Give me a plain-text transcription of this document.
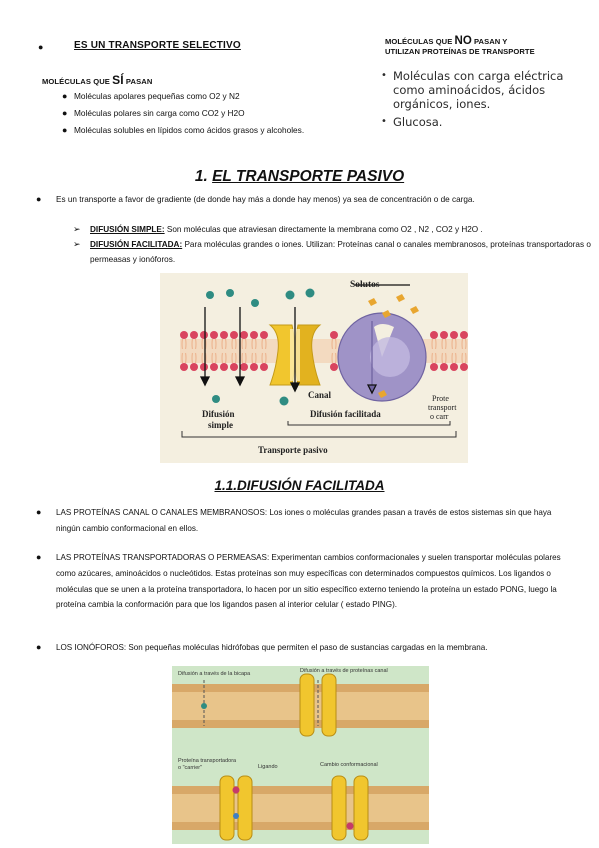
●	ES UN TRANSPORTE SELECTIVO
MOLÉCULAS QUE SÍ PASAN
● Moléculas apolares pequeñas como O2 y N2
● Moléculas polares sin carga como CO2 y H2O
● Moléculas solubles en lípidos como ácidos grasos y alcoholes.
MOLÉCULAS QUE NO PASAN Y
UTILIZAN PROTEÍNAS DE TRANSPORTE
• Moléculas con carga eléctrica como aminoácidos, ácidos orgánicos, iones.
• Glucosa.
1. EL TRANSPORTE PASIVO
● Es un transporte a favor de gradiente (de donde hay más a donde hay menos) ya sea de concentración o de carga.
➢ DIFUSIÓN SIMPLE: Son moléculas que atraviesan directamente la membrana como O2 , N2 , CO2 y H2O .
➢ DIFUSIÓN FACILITADA: Para moléculas grandes o iones. Utilizan: Proteínas canal o canales membranosos, proteínas transportadoras o permeasas y ionóforos.
Solutos
Canal	Prote
transport
o carr
Difusión
simple
Difusión facilitada
Transporte pasivo
1.1.DIFUSIÓN FACILITADA
● LAS PROTEÍNAS CANAL O CANALES MEMBRANOSOS: Los iones o moléculas grandes pasan a través de estos sistemas sin que haya ningún cambio conformacional en ellos.
● LAS PROTEÍNAS TRANSPORTADORAS O PERMEASAS: Experimentan cambios conformacionales y suelen transportar moléculas polares como azúcares, aminoácidos o nucleótidos. Estas proteínas son muy específicas con determinados compuestos químicos. Los ligandos o moléculas que se unen a la proteína transportadora, lo hacen por un sitio específico externo teniendo la proteína un estado PONG, luego la proteína cambia la conformación para que los ligandos pasen al interior celular ( estado PING).
● LOS IONÓFOROS: Son pequeñas moléculas hidrófobas que permiten el paso de sustancias cargadas en la membrana.
Difusión a través de la bicapa	Difusión a través de proteínas canal
Proteína transportadora
o "carrier"	Ligando	Cambio conformacional
